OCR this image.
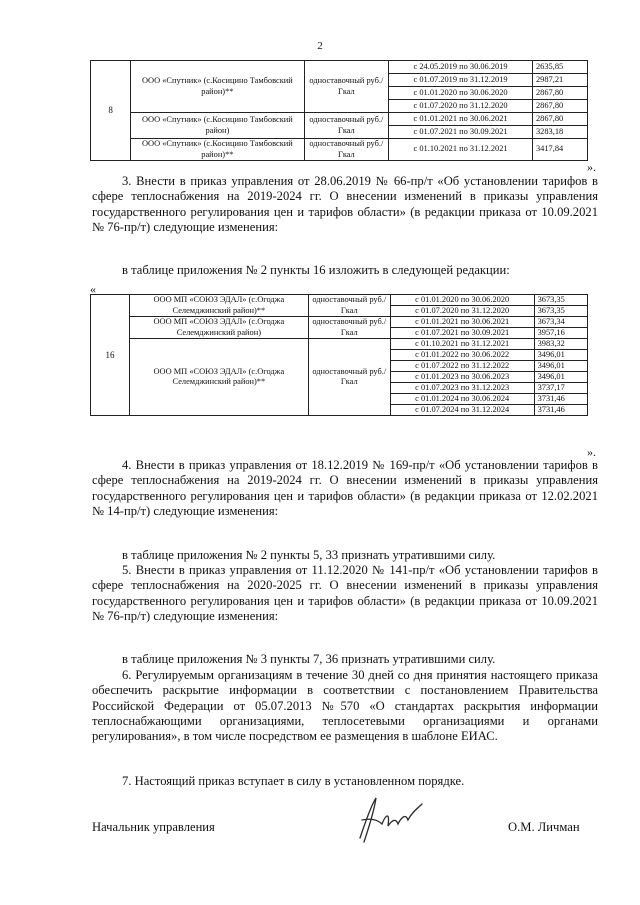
2
8	ООО «Спутник» (с.Косицино Тамбовский район)**	одноставочный руб./Гкал	с 24.05.2019 по 30.06.2019	2635,85
			с 01.07.2019 по 31.12.2019	2987,21
			с 01.01.2020 по 30.06.2020	2867,80
			с 01.07.2020 по 31.12.2020	2867,80
	ООО «Спутник» (с.Косицино Тамбовский район)	одноставочный руб./Гкал	с 01.01.2021 по 30.06.2021	2867,80
			с 01.07.2021 по 30.09.2021	3283,18
	ООО «Спутник» (с.Косицино Тамбовский район)**	одноставочный руб./Гкал	с 01.10.2021 по 31.12.2021	3417,84
».

3. Внести в приказ управления от 28.06.2019 № 66-пр/т «Об установлении тарифов в сфере теплоснабжения на 2019-2024 гг. О внесении изменений в приказы управления государственного регулирования цен и тарифов области» (в редакции приказа от 10.09.2021 № 76-пр/т) следующие изменения:

в таблице приложения № 2 пункты 16 изложить в следующей редакции:

«
16	ООО МП «СОЮЗ ЭДАЛ» (с.Огоджа Селемджинский район)**	одноставочный руб./Гкал	с 01.01.2020 по 30.06.2020	3673,35
			с 01.07.2020 по 31.12.2020	3673,35
	ООО МП «СОЮЗ ЭДАЛ» (с.Огоджа Селемджинский район)	одноставочный руб./Гкал	с 01.01.2021 по 30.06.2021	3673,34
			с 01.07.2021 по 30.09.2021	3957,16
	ООО МП «СОЮЗ ЭДАЛ» (с.Огоджа Селемджинский район)**	одноставочный руб./Гкал	с 01.10.2021 по 31.12.2021	3983,32
			с 01.01.2022 по 30.06.2022	3496,01
			с 01.07.2022 по 31.12.2022	3496,01
			с 01.01.2023 по 30.06.2023	3496,01
			с 01.07.2023 по 31.12.2023	3737,17
			с 01.01.2024 по 30.06.2024	3731,46
			с 01.07.2024 по 31.12.2024	3731,46
».

4. Внести в приказ управления от 18.12.2019 № 169-пр/т «Об установлении тарифов в сфере теплоснабжения на 2019-2024 гг. О внесении изменений в приказы управления государственного регулирования цен и тарифов области» (в редакции приказа от 12.02.2021 № 14-пр/т) следующие изменения:

в таблице приложения № 2 пункты 5, 33 признать утратившими силу.

5. Внести в приказ управления от 11.12.2020 № 141-пр/т «Об установлении тарифов в сфере теплоснабжения на 2020-2025 гг. О внесении изменений в приказы управления государственного регулирования цен и тарифов области» (в редакции приказа от 10.09.2021 № 76-пр/т) следующие изменения:

в таблице приложения № 3 пункты 7, 36 признать утратившими силу.

6. Регулируемым организациям в течение 30 дней со дня принятия настоящего приказа обеспечить раскрытие информации в соответствии с постановлением Правительства Российской Федерации от 05.07.2013 №570 «О стандартах раскрытия информации теплоснабжающими организациями, теплосетевыми организациями и органами регулирования», в том числе посредством ее размещения в шаблоне ЕИАС.

7. Настоящий приказ вступает в силу в установленном порядке.

Начальник управления	О.М. Личман
